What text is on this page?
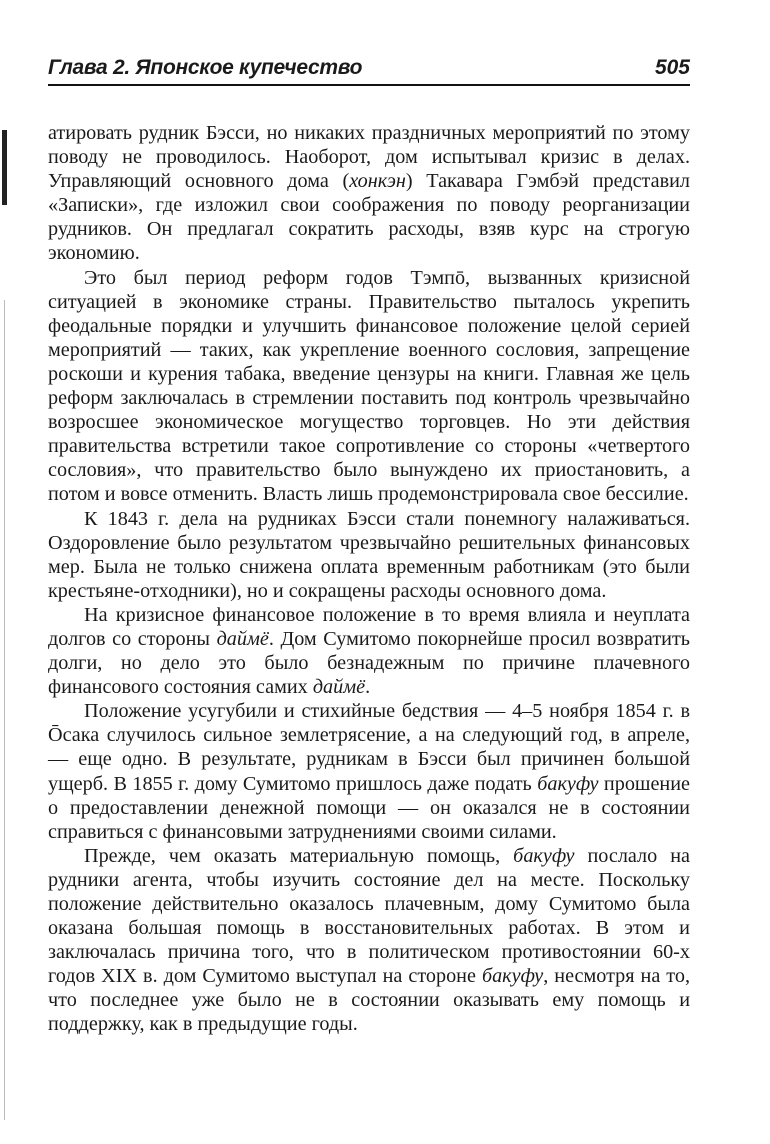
Глава 2. Японское купечество	505

атировать рудник Бэсси, но никаких праздничных мероприятий по этому поводу не проводилось. Наоборот, дом испытывал кризис в делах. Управляющий основного дома (хонкэн) Такавара Гэмбэй представил «Записки», где изложил свои соображения по поводу реорганизации рудников. Он предлагал сократить расходы, взяв курс на строгую экономию.

Это был период реформ годов Тэмпō, вызванных кризисной ситуацией в экономике страны. Правительство пыталось укрепить феодальные порядки и улучшить финансовое положение целой серией мероприятий — таких, как укрепление военного сословия, запрещение роскоши и курения табака, введение цензуры на книги. Главная же цель реформ заключалась в стремлении поставить под контроль чрезвычайно возросшее экономическое могущество торговцев. Но эти действия правительства встретили такое сопротивление со стороны «четвертого сословия», что правительство было вынуждено их приостановить, а потом и вовсе отменить. Власть лишь продемонстрировала свое бессилие.

К 1843 г. дела на рудниках Бэсси стали понемногу налаживаться. Оздоровление было результатом чрезвычайно решительных финансовых мер. Была не только снижена оплата временным работникам (это были крестьяне-отходники), но и сокращены расходы основного дома.

На кризисное финансовое положение в то время влияла и неуплата долгов со стороны даймё. Дом Сумитомо покорнейше просил возвратить долги, но дело это было безнадежным по причине плачевного финансового состояния самих даймё.

Положение усугубили и стихийные бедствия — 4–5 ноября 1854 г. в Ōсака случилось сильное землетрясение, а на следующий год, в апреле, — еще одно. В результате, рудникам в Бэсси был причинен большой ущерб. В 1855 г. дому Сумитомо пришлось даже подать бакуфу прошение о предоставлении денежной помощи — он оказался не в состоянии справиться с финансовыми затруднениями своими силами.

Прежде, чем оказать материальную помощь, бакуфу послало на рудники агента, чтобы изучить состояние дел на месте. Поскольку положение действительно оказалось плачевным, дому Сумитомо была оказана большая помощь в восстановительных работах. В этом и заключалась причина того, что в политическом противостоянии 60-х годов XIX в. дом Сумитомо выступал на стороне бакуфу, несмотря на то, что последнее уже было не в состоянии оказывать ему помощь и поддержку, как в предыдущие годы.
